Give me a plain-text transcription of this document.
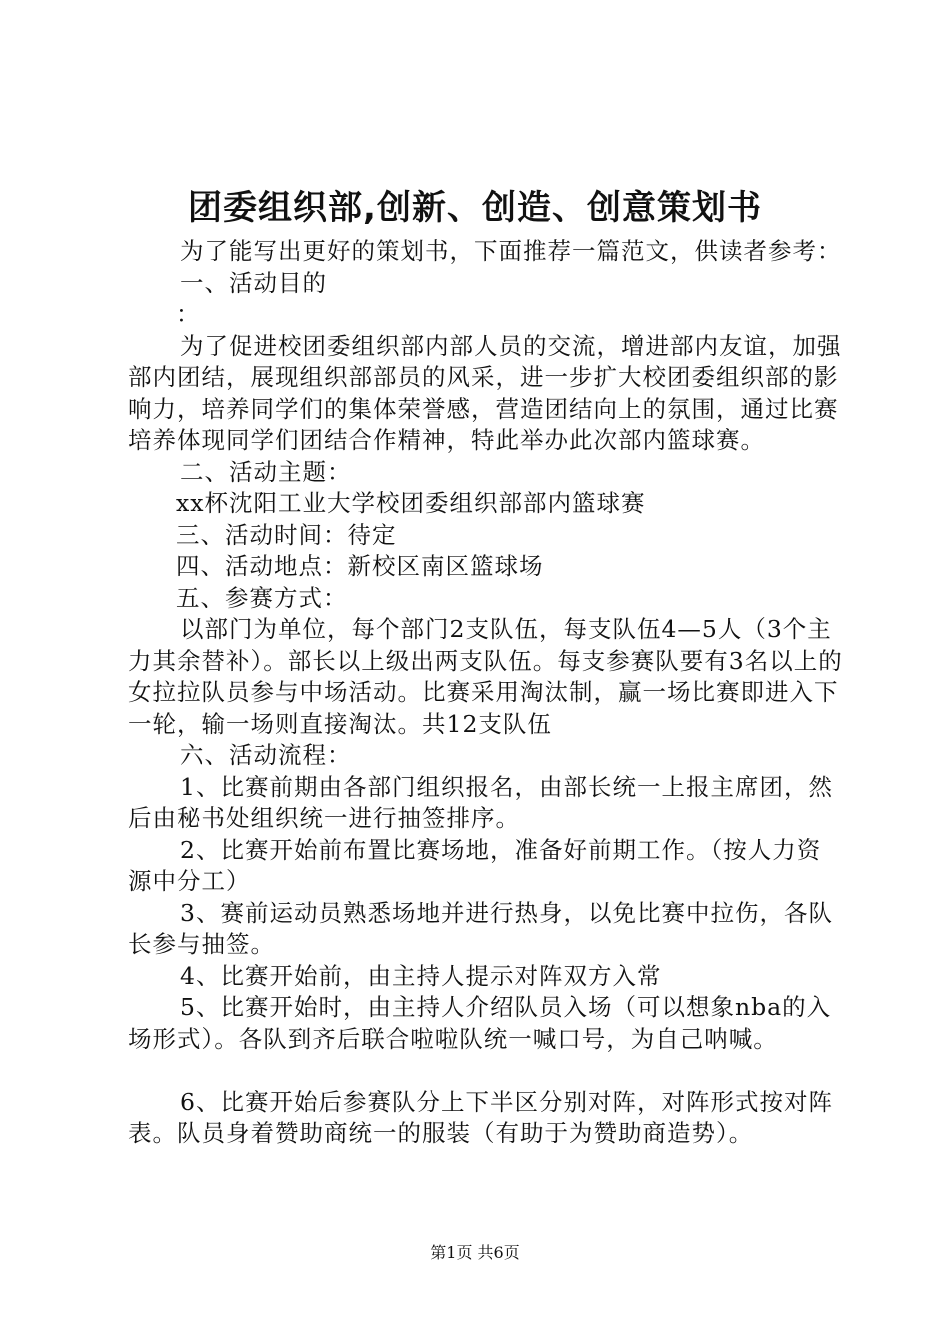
团委组织部,创新、创造、创意策划书

为了能写出更好的策划书，下面推荐一篇范文，供读者参考：

一、活动目的

：

为了促进校团委组织部内部人员的交流，增进部内友谊，加强部内团结，展现组织部部员的风采，进一步扩大校团委组织部的影响力，培养同学们的集体荣誉感，营造团结向上的氛围，通过比赛培养体现同学们团结合作精神，特此举办此次部内篮球赛。

二、活动主题：

xx杯沈阳工业大学校团委组织部部内篮球赛

三、活动时间：待定

四、活动地点：新校区南区篮球场

五、参赛方式：

以部门为单位，每个部门2支队伍，每支队伍4—5人（3个主力其余替补）。部长以上级出两支队伍。每支参赛队要有3名以上的女拉拉队员参与中场活动。比赛采用淘汰制，赢一场比赛即进入下一轮，输一场则直接淘汰。共12支队伍

六、活动流程：

1、比赛前期由各部门组织报名，由部长统一上报主席团，然后由秘书处组织统一进行抽签排序。

2、比赛开始前布置比赛场地，准备好前期工作。（按人力资源中分工）

3、赛前运动员熟悉场地并进行热身，以免比赛中拉伤，各队长参与抽签。

4、比赛开始前，由主持人提示对阵双方入常

5、比赛开始时，由主持人介绍队员入场（可以想象nba的入场形式）。各队到齐后联合啦啦队统一喊口号，为自己呐喊。

6、比赛开始后参赛队分上下半区分别对阵，对阵形式按对阵表。队员身着赞助商统一的服装（有助于为赞助商造势）。

第1页 共6页
